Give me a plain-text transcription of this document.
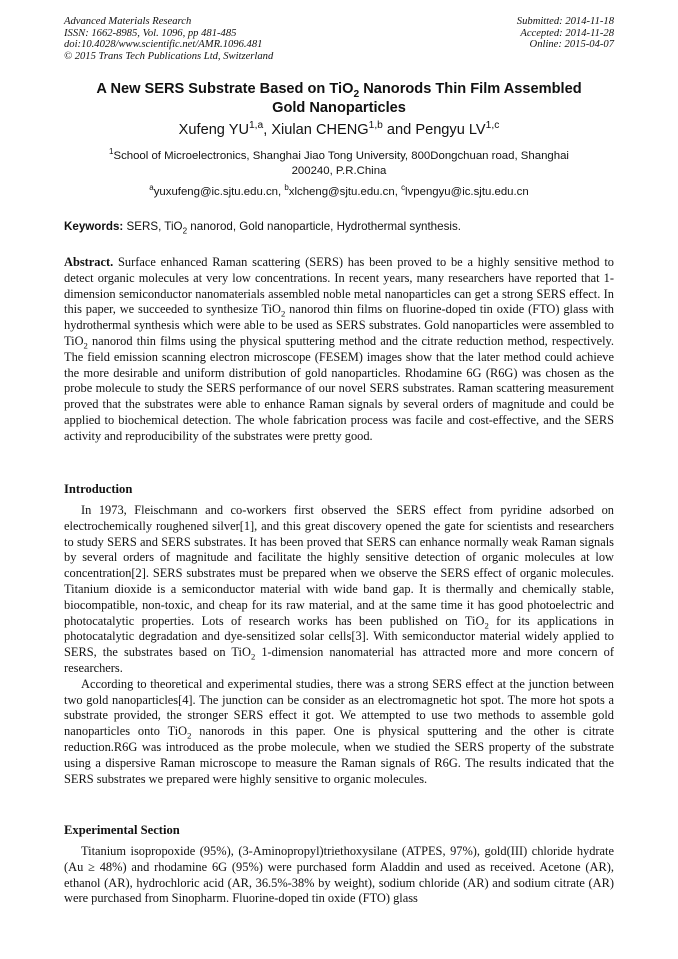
Advanced Materials Research
ISSN: 1662-8985, Vol. 1096, pp 481-485
doi:10.4028/www.scientific.net/AMR.1096.481
© 2015 Trans Tech Publications Ltd, Switzerland
Submitted: 2014-11-18
Accepted: 2014-11-28
Online: 2015-04-07
A New SERS Substrate Based on TiO$_2$ Nanorods Thin Film Assembled
Gold Nanoparticles
Xufeng YU$^{1,a}$, Xiulan CHENG$^{1,b}$ and Pengyu LV$^{1,c}$
$^1$School of Microelectronics, Shanghai Jiao Tong University, 800Dongchuan road, Shanghai
200240, P.R.China
$^a$yuxufeng@ic.sjtu.edu.cn, $^b$xlcheng@sjtu.edu.cn, $^c$lvpengyu@ic.sjtu.edu.cn
Keywords: SERS, TiO$_2$ nanorod, Gold nanoparticle, Hydrothermal synthesis.

Abstract. Surface enhanced Raman scattering (SERS) has been proved to be a highly sensitive method to detect organic molecules at very low concentrations. In recent years, many researchers have reported that 1-dimension semiconductor nanomaterials assembled noble metal nanoparticles can get a strong SERS effect. In this paper, we succeeded to synthesize TiO$_2$ nanorod thin films on fluorine-doped tin oxide (FTO) glass with hydrothermal synthesis which were able to be used as SERS substrates. Gold nanoparticles were assembled to TiO$_2$ nanorod thin films using the physical sputtering method and the citrate reduction method, respectively. The field emission scanning electron microscope (FESEM) images show that the later method could achieve the more desirable and uniform distribution of gold nanoparticles. Rhodamine 6G (R6G) was chosen as the probe molecule to study the SERS performance of our novel SERS substrates. Raman scattering measurement proved that the substrates were able to enhance Raman signals by several orders of magnitude and could be applied to biochemical detection. The whole fabrication process was facile and cost-effective, and the SERS activity and reproducibility of the substrates were pretty good.

Introduction

In 1973, Fleischmann and co-workers first observed the SERS effect from pyridine adsorbed on electrochemically roughened silver[1], and this great discovery opened the gate for scientists and researchers to study SERS and SERS substrates. It has been proved that SERS can enhance normally weak Raman signals by several orders of magnitude and facilitate the highly sensitive detection of organic molecules at low concentration[2]. SERS substrates must be prepared when we observe the SERS effect of organic molecules. Titanium dioxide is a semiconductor material with wide band gap. It is thermally and chemically stable, biocompatible, non-toxic, and cheap for its raw material, and at the same time it has good photoelectric and photocatalytic properties. Lots of research works has been published on TiO$_2$ for its applications in photocatalytic degradation and dye-sensitized solar cells[3]. With semiconductor material widely applied to SERS, the substrates based on TiO$_2$ 1-dimension nanomaterial has attracted more and more concern of researchers.

According to theoretical and experimental studies, there was a strong SERS effect at the junction between two gold nanoparticles[4]. The junction can be consider as an electromagnetic hot spot. The more hot spots a substrate provided, the stronger SERS effect it got. We attempted to use two methods to assemble gold nanoparticles onto TiO$_2$ nanorods in this paper. One is physical sputtering and the other is citrate reduction.R6G was introduced as the probe molecule, when we studied the SERS property of the substrate using a dispersive Raman microscope to measure the Raman signals of R6G. The results indicated that the SERS substrates we prepared were highly sensitive to organic molecules.

Experimental Section

Titanium isopropoxide (95%), (3-Aminopropyl)triethoxysilane (ATPES, 97%), gold(III) chloride hydrate (Au ≥ 48%) and rhodamine 6G (95%) were purchased form Aladdin and used as received. Acetone (AR), ethanol (AR), hydrochloric acid (AR, 36.5%-38% by weight), sodium chloride (AR) and sodium citrate (AR) were purchased from Sinopharm. Fluorine-doped tin oxide (FTO) glass
